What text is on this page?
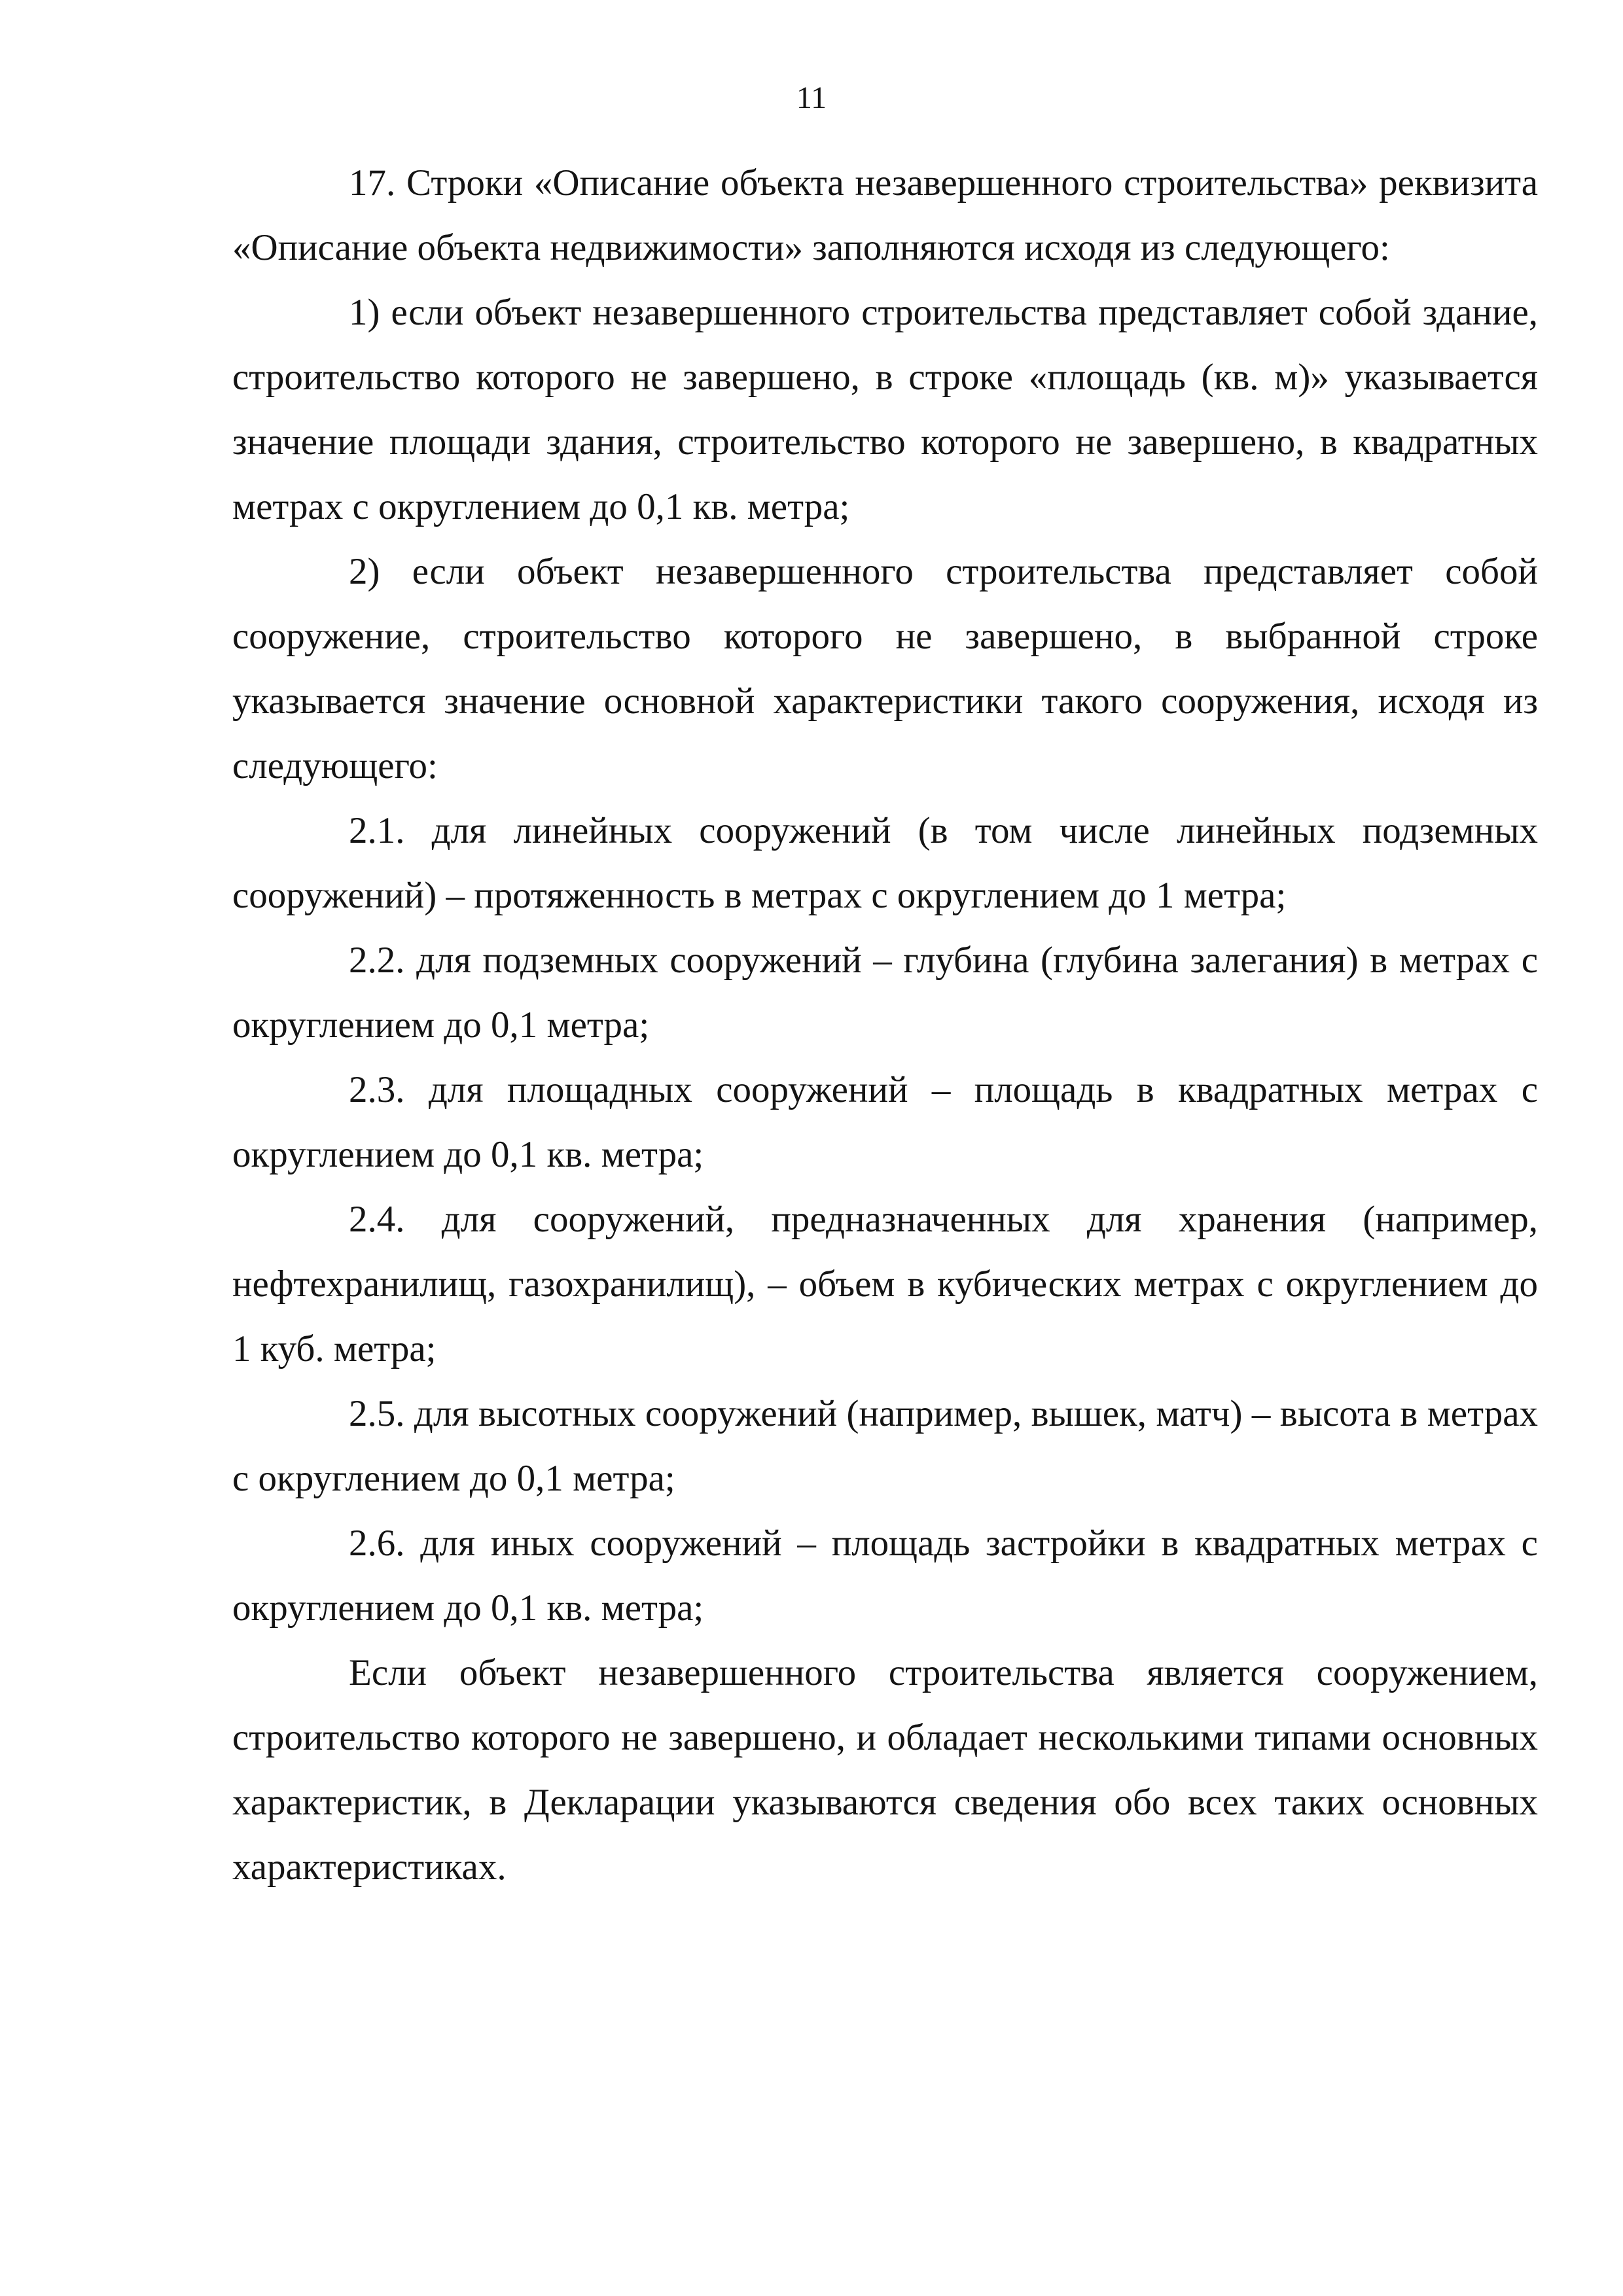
11

17. Строки «Описание объекта незавершенного строительства» реквизита «Описание объекта недвижимости» заполняются исходя из следующего:

1) если объект незавершенного строительства представляет собой здание, строительство которого не завершено, в строке «площадь (кв. м)» указывается значение площади здания, строительство которого не завершено, в квадратных метрах с округлением до 0,1 кв. метра;

2) если объект незавершенного строительства представляет собой сооружение, строительство которого не завершено, в выбранной строке указывается значение основной характеристики такого сооружения, исходя из следующего:

2.1. для линейных сооружений (в том числе линейных подземных сооружений) – протяженность в метрах с округлением до 1 метра;

2.2. для подземных сооружений – глубина (глубина залегания) в метрах с округлением до 0,1 метра;

2.3. для площадных сооружений – площадь в квадратных метрах с округлением до 0,1 кв. метра;

2.4. для сооружений, предназначенных для хранения (например, нефтехранилищ, газохранилищ), – объем в кубических метрах с округлением до 1 куб. метра;

2.5. для высотных сооружений (например, вышек, матч) – высота в метрах с округлением до 0,1 метра;

2.6. для иных сооружений – площадь застройки в квадратных метрах с округлением до 0,1 кв. метра;

Если объект незавершенного строительства является сооружением, строительство которого не завершено, и обладает несколькими типами основных характеристик, в Декларации указываются сведения обо всех таких основных характеристиках.
